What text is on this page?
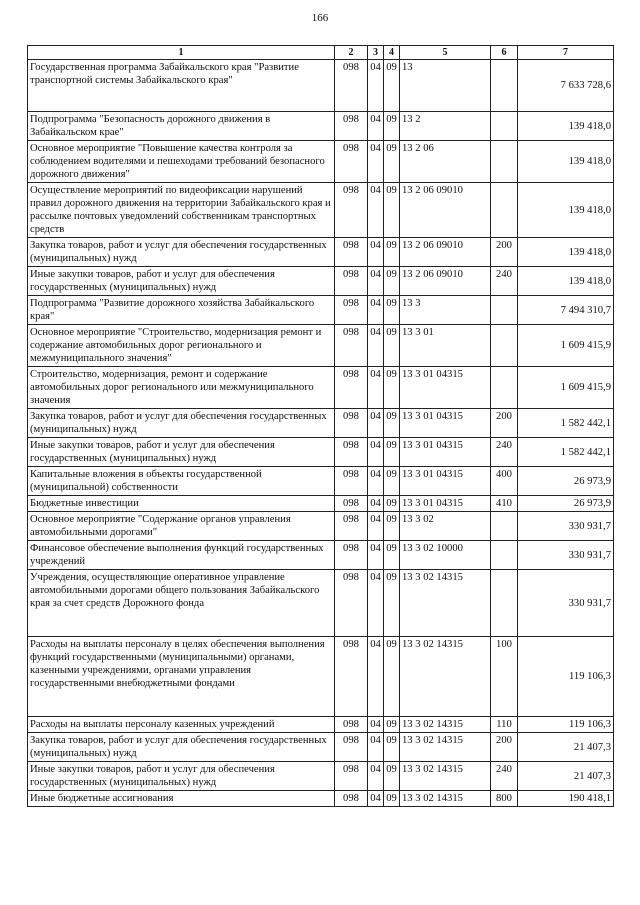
166
1	2	3	4	5	6	7
Государственная программа Забайкальского края "Развитие транспортной системы Забайкальского края"	098	04	09	13		7 633 728,6
Подпрограмма "Безопасность дорожного движения в Забайкальском крае"	098	04	09	13 2		139 418,0
Основное мероприятие "Повышение качества контроля за соблюдением водителями и пешеходами требований безопасного дорожного движения"	098	04	09	13 2 06		139 418,0
Осуществление мероприятий по видеофиксации нарушений правил дорожного движения на территории Забайкальского края и рассылке почтовых уведомлений собственникам транспортных средств	098	04	09	13 2 06 09010		139 418,0
Закупка товаров, работ и услуг для обеспечения государственных (муниципальных) нужд	098	04	09	13 2 06 09010	200	139 418,0
Иные закупки товаров, работ и услуг для обеспечения государственных (муниципальных) нужд	098	04	09	13 2 06 09010	240	139 418,0
Подпрограмма "Развитие дорожного хозяйства Забайкальского края"	098	04	09	13 3		7 494 310,7
Основное мероприятие "Строительство, модернизация ремонт и содержание автомобильных дорог регионального и межмуниципального значения"	098	04	09	13 3 01		1 609 415,9
Строительство, модернизация, ремонт и содержание автомобильных дорог регионального или межмуниципального значения	098	04	09	13 3 01 04315		1 609 415,9
Закупка товаров, работ и услуг для обеспечения государственных (муниципальных) нужд	098	04	09	13 3 01 04315	200	1 582 442,1
Иные закупки товаров, работ и услуг для обеспечения государственных (муниципальных) нужд	098	04	09	13 3 01 04315	240	1 582 442,1
Капитальные вложения в объекты государственной (муниципальной) собственности	098	04	09	13 3 01 04315	400	26 973,9
Бюджетные инвестиции	098	04	09	13 3 01 04315	410	26 973,9
Основное мероприятие "Содержание органов управления автомобильными дорогами"	098	04	09	13 3 02		330 931,7
Финансовое обеспечение выполнения функций государственных учреждений	098	04	09	13 3 02 10000		330 931,7
Учреждения, осуществляющие оперативное управление автомобильными дорогами общего пользования Забайкальского края за счет средств Дорожного фонда	098	04	09	13 3 02 14315		330 931,7
Расходы на выплаты персоналу в целях обеспечения выполнения функций государственными (муниципальными) органами, казенными учреждениями, органами управления государственными внебюджетными фондами	098	04	09	13 3 02 14315	100	119 106,3
Расходы на выплаты персоналу казенных учреждений	098	04	09	13 3 02 14315	110	119 106,3
Закупка товаров, работ и услуг для обеспечения государственных (муниципальных) нужд	098	04	09	13 3 02 14315	200	21 407,3
Иные закупки товаров, работ и услуг для обеспечения государственных (муниципальных) нужд	098	04	09	13 3 02 14315	240	21 407,3
Иные бюджетные ассигнования	098	04	09	13 3 02 14315	800	190 418,1
